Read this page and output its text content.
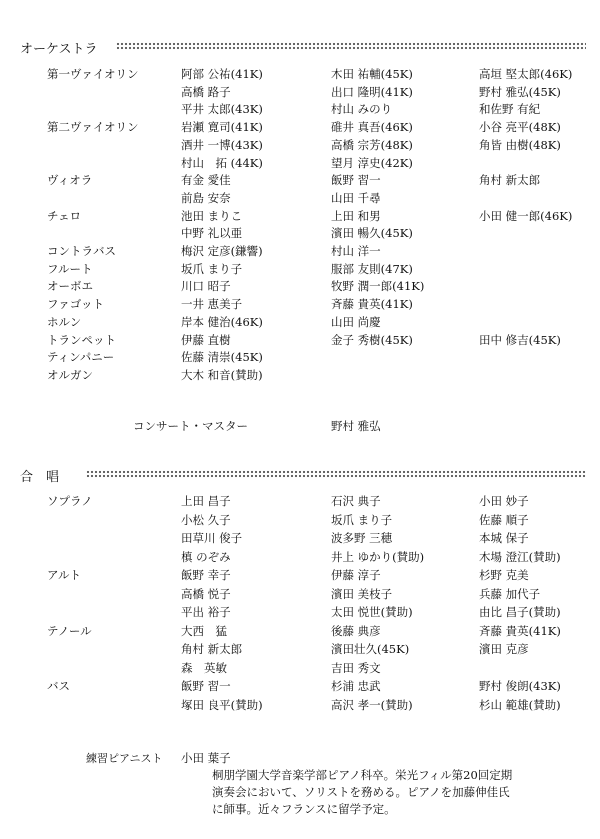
オーケストラ
第一ヴァイオリン	阿部 公祐(41K)	木田 祐輔(45K)	高垣 堅太郎(46K)
高橋 路子	出口 隆明(41K)	野村 雅弘(45K)
平井 太郎(43K)	村山 みのり	和佐野 有紀
第二ヴァイオリン	岩瀬 寛司(41K)	碓井 真吾(46K)	小谷 亮平(48K)
酒井 一博(43K)	高橋 宗芳(48K)	角皆 由樹(48K)
村山　拓 (44K)	望月 淳史(42K)
ヴィオラ	有金 愛佳	飯野 習一	角村 新太郎
前島 安奈	山田 千尋
チェロ	池田 まりこ	上田 和男	小田 健一郎(46K)
中野 礼以亜	濱田 暢久(45K)
コントラバス	梅沢 定彦(鎌響)	村山 洋一
フルート	坂爪 まり子	服部 友則(47K)
オーボエ	川口 昭子	牧野 潤一郎(41K)
ファゴット	一井 恵美子	斉藤 貴英(41K)
ホルン	岸本 健治(46K)	山田 尚慶
トランペット	伊藤 直樹	金子 秀樹(45K)	田中 修吉(45K)
ティンパニー	佐藤 清崇(45K)
オルガン	大木 和音(賛助)
コンサート・マスター	野村 雅弘
合　唱
ソプラノ	上田 昌子	石沢 典子	小田 妙子
小松 久子	坂爪 まり子	佐藤 順子
田草川 俊子	波多野 三穂	本城 保子
槙 のぞみ	井上 ゆかり(賛助)	木場 澄江(賛助)
アルト	飯野 幸子	伊藤 淳子	杉野 克美
高橋 悦子	濱田 美枝子	兵藤 加代子
平出 裕子	太田 悦世(賛助)	由比 昌子(賛助)
テノール	大西　猛	後藤 典彦	斉藤 貴英(41K)
角村 新太郎	濱田壮久(45K)	濱田 克彦
森　英敏	吉田 秀文
バス	飯野 習一	杉浦 忠武	野村 俊朗(43K)
塚田 良平(賛助)	高沢 孝一(賛助)	杉山 範雄(賛助)
練習ピアニスト 小田 葉子
桐朋学園大学音楽学部ピアノ科卒。栄光フィル第20回定期
演奏会において、ソリストを務める。ピアノを加藤伸佳氏
に師事。近々フランスに留学予定。
